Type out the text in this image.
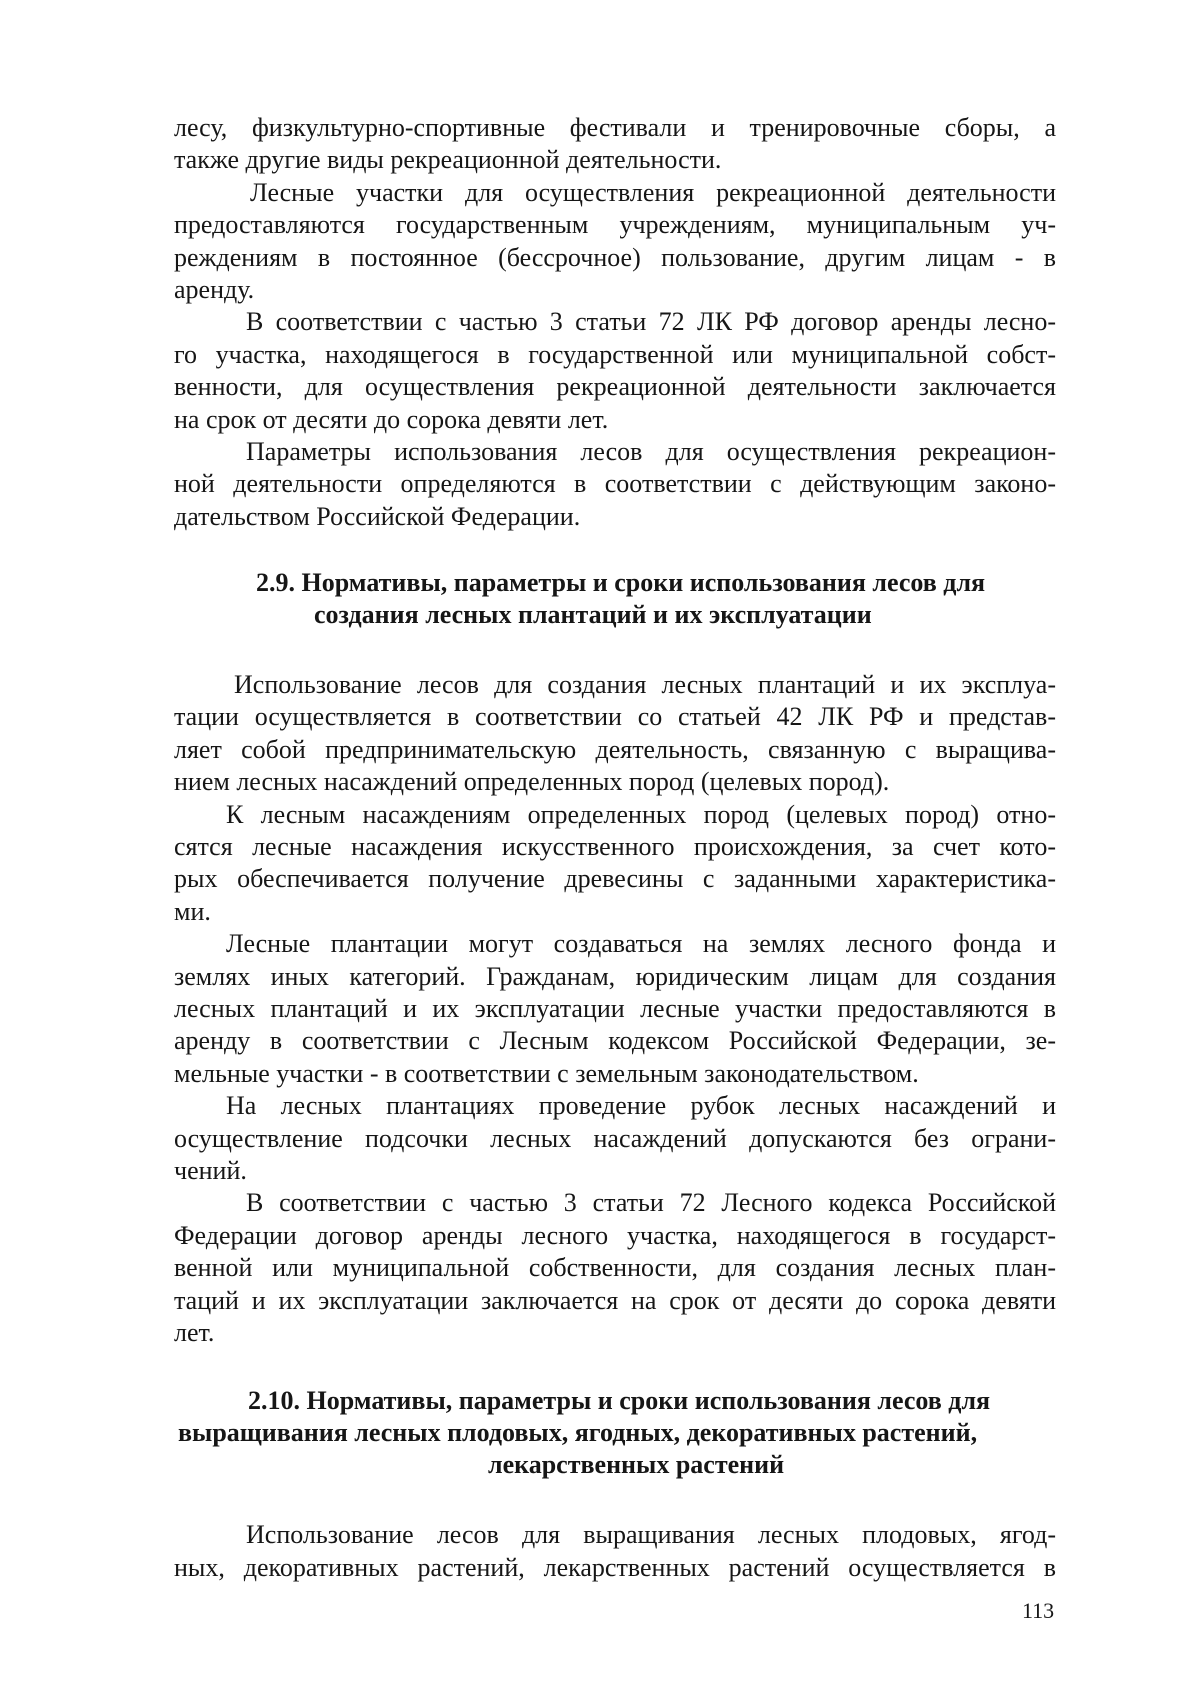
лесу, физкультурно-спортивные фестивали и тренировочные сборы, а
также другие виды рекреационной деятельности.
Лесные участки для осуществления рекреационной деятельности
предоставляются государственным учреждениям, муниципальным уч-
реждениям в постоянное (бессрочное) пользование, другим лицам - в
аренду.
В соответствии с частью 3 статьи 72 ЛК РФ договор аренды лесно-
го участка, находящегося в государственной или муниципальной собст-
венности, для осуществления рекреационной деятельности заключается
на срок от десяти до сорока девяти лет.
Параметры использования лесов для осуществления рекреацион-
ной деятельности определяются в соответствии с действующим законо-
дательством Российской Федерации.
2.9. Нормативы, параметры и сроки использования лесов для
создания лесных плантаций и их эксплуатации
Использование лесов для создания лесных плантаций и их эксплуа-
тации осуществляется в соответствии со статьей 42 ЛК РФ и представ-
ляет собой предпринимательскую деятельность, связанную с выращива-
нием лесных насаждений определенных пород (целевых пород).
К лесным насаждениям определенных пород (целевых пород) отно-
сятся лесные насаждения искусственного происхождения, за счет кото-
рых обеспечивается получение древесины с заданными характеристика-
ми.
Лесные плантации могут создаваться на землях лесного фонда и
землях иных категорий. Гражданам, юридическим лицам для создания
лесных плантаций и их эксплуатации лесные участки предоставляются в
аренду в соответствии с Лесным кодексом Российской Федерации, зе-
мельные участки - в соответствии с земельным законодательством.
На лесных плантациях проведение рубок лесных насаждений и
осуществление подсочки лесных насаждений допускаются без ограни-
чений.
В соответствии с частью 3 статьи 72 Лесного кодекса Российской
Федерации договор аренды лесного участка, находящегося в государст-
венной или муниципальной собственности, для создания лесных план-
таций и их эксплуатации заключается на срок от десяти до сорока девяти
лет.
2.10. Нормативы, параметры и сроки использования лесов для
выращивания лесных плодовых, ягодных, декоративных растений,
лекарственных растений
Использование лесов для выращивания лесных плодовых, ягод-
ных, декоративных растений, лекарственных растений осуществляется в
113
